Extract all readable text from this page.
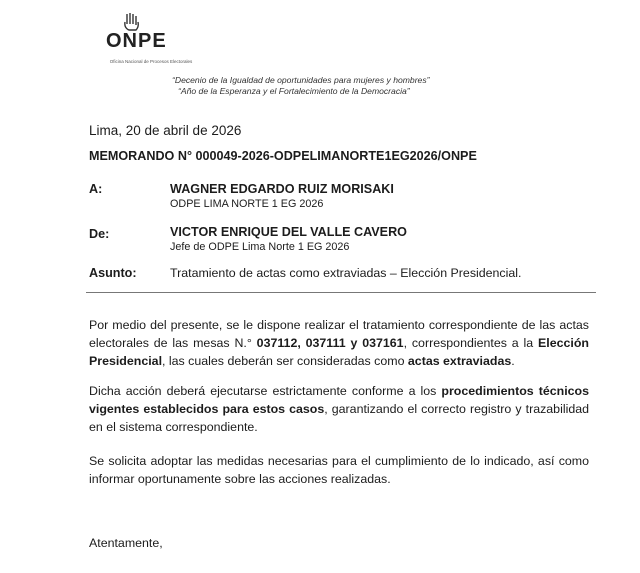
ONPE
Oficina Nacional de Procesos Electorales
“Decenio de la Igualdad de oportunidades para mujeres y hombres”
“Año de la Esperanza y el Fortalecimiento de la Democracia”
Lima, 20 de abril de 2026
MEMORANDO N° 000049-2026-ODPELIMANORTE1EG2026/ONPE
A:	WAGNER EDGARDO RUIZ MORISAKI
ODPE LIMA NORTE 1 EG 2026
De:	VICTOR ENRIQUE DEL VALLE CAVERO
Jefe de ODPE Lima Norte 1 EG 2026
Asunto:	Tratamiento de actas como extraviadas – Elección Presidencial.
Por medio del presente, se le dispone realizar el tratamiento correspondiente de las actas electorales de las mesas N.° 037112, 037111 y 037161, correspondientes a la Elección Presidencial, las cuales deberán ser consideradas como actas extraviadas.
Dicha acción deberá ejecutarse estrictamente conforme a los procedimientos técnicos vigentes establecidos para estos casos, garantizando el correcto registro y trazabilidad en el sistema correspondiente.
Se solicita adoptar las medidas necesarias para el cumplimiento de lo indicado, así como informar oportunamente sobre las acciones realizadas.
Atentamente,
